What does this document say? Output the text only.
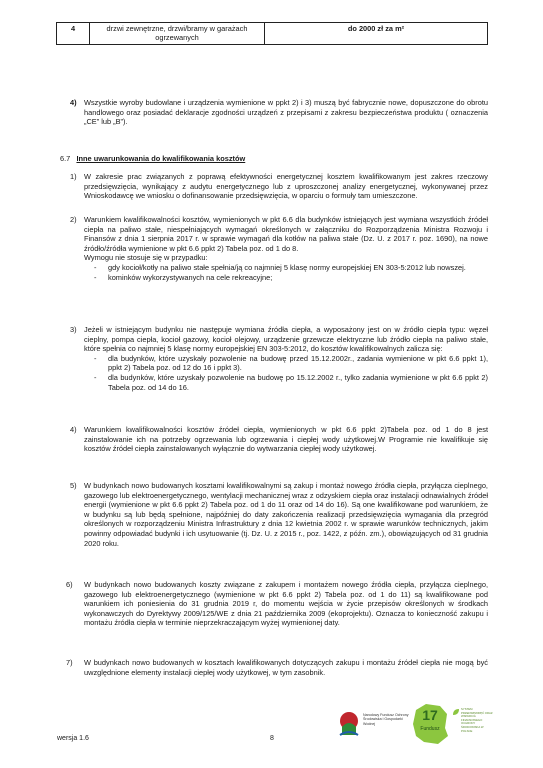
4	drzwi zewnętrzne, drzwi/bramy w garażach ogrzewanych	do 2000 zł za m²
4) Wszystkie wyroby budowlane i urządzenia wymienione w ppkt 2) i 3) muszą być fabrycznie nowe, dopuszczone do obrotu handlowego oraz posiadać deklaracje zgodności urządzeń z przepisami z zakresu bezpieczeństwa produktu ( oznaczenia „CE” lub „B”).
6.7 Inne uwarunkowania do kwalifikowania kosztów
1) W zakresie prac związanych z poprawą efektywności energetycznej kosztem kwalifikowanym jest zakres rzeczowy przedsięwzięcia, wynikający z audytu energetycznego lub z uproszczonej analizy energetycznej, wykonywanej przez Wnioskodawcę we wniosku o dofinansowanie przedsięwzięcia, w oparciu o formuły tam umieszczone.
2) Warunkiem kwalifikowalności kosztów, wymienionych w pkt 6.6 dla budynków istniejących jest wymiana wszystkich źródeł ciepła na paliwo stałe, niespełniających wymagań określonych w załączniku do Rozporządzenia Ministra Rozwoju i Finansów z dnia 1 sierpnia 2017 r. w sprawie wymagań dla kotłów na paliwa stałe (Dz. U. z 2017 r. poz. 1690), na nowe źródło/źródła wymienione w pkt 6.6 ppkt 2) Tabela poz. od 1 do 8.
Wymogu nie stosuje się w przypadku:
- gdy kocioł/kotły na paliwo stałe spełnia/ją co najmniej 5 klasę normy europejskiej EN 303-5:2012 lub nowszej.
- kominków wykorzystywanych na cele rekreacyjne;
3) Jeżeli w istniejącym budynku nie następuje wymiana źródła ciepła, a wyposażony jest on w źródło ciepła typu: węzeł cieplny, pompa ciepła, kocioł gazowy, kocioł olejowy, urządzenie grzewcze elektryczne lub źródło ciepła na paliwo stałe, które spełnia co najmniej 5 klasę normy europejskiej EN 303-5:2012, do kosztów kwalifikowalnych zalicza się:
- dla budynków, które uzyskały pozwolenie na budowę przed 15.12.2002r., zadania wymienione w pkt 6.6 ppkt 1), ppkt 2) Tabela poz. od 12 do 16 i ppkt 3).
- dla budynków, które uzyskały pozwolenie na budowę po 15.12.2002 r., tylko zadania wymienione w pkt 6.6 ppkt 2) Tabela poz. od 14 do 16.
4) Warunkiem kwalifikowalności kosztów źródeł ciepła, wymienionych w pkt 6.6 ppkt 2)Tabela poz. od 1 do 8 jest zainstalowanie ich na potrzeby ogrzewania lub ogrzewania i ciepłej wody użytkowej.W Programie nie kwalifikuje się kosztów źródeł ciepła zainstalowanych wyłącznie do wytwarzania ciepłej wody użytkowej.
5) W budynkach nowo budowanych kosztami kwalifikowalnymi są zakup i montaż nowego źródła ciepła, przyłącza cieplnego, gazowego lub elektroenergetycznego, wentylacji mechanicznej wraz z odzyskiem ciepła oraz instalacji odnawialnych źródeł energii (wymienione w pkt 6.6 ppkt 2) Tabela poz. od 1 do 11 oraz od 14 do 16). Są one kwalifikowane pod warunkiem, że w budynku są lub będą spełnione, najpóźniej do daty zakończenia realizacji przedsięwzięcia wymagania dla przegród określonych w rozporządzeniu Ministra Infrastruktury z dnia 12 kwietnia 2002 r. w sprawie warunków technicznych, jakim powinny odpowiadać budynki i ich usytuowanie (tj. Dz. U. z 2015 r., poz. 1422, z późn. zm.), obowiązujących od 31 grudnia 2020 roku.
6) W budynkach nowo budowanych koszty związane z zakupem i montażem nowego źródła ciepła, przyłącza cieplnego, gazowego lub elektroenergetycznego (wymienione w pkt 6.6 ppkt 2) Tabela poz. od 1 do 11) są kwalifikowane pod warunkiem ich poniesienia do 31 grudnia 2019 r, do momentu wejścia w życie przepisów określonych w środkach wykonawczych do Dyrektywy 2009/125/WE z dnia 21 października 2009 (ekoprojektu). Oznacza to konieczność zakupu i montażu źródła ciepła w terminie nieprzekraczającym wyżej wymienionej daty.
7) W budynkach nowo budowanych w kosztach kwalifikowanych dotyczących zakupu i montażu źródeł ciepła nie mogą być uwzględnione elementy instalacji ciepłej wody użytkowej, w tym zasobnik.
wersja 1.6	8
Narodowy Fundusz Ochrony Środowiska i Gospodarki Wodnej
17
Fundusz
SYSTEM PRZEDSIĘWZIĘĆ ORAZ WSPARCIA FINANSOWEGO OCHRONY ŚRODOWISKA W POLSCE
